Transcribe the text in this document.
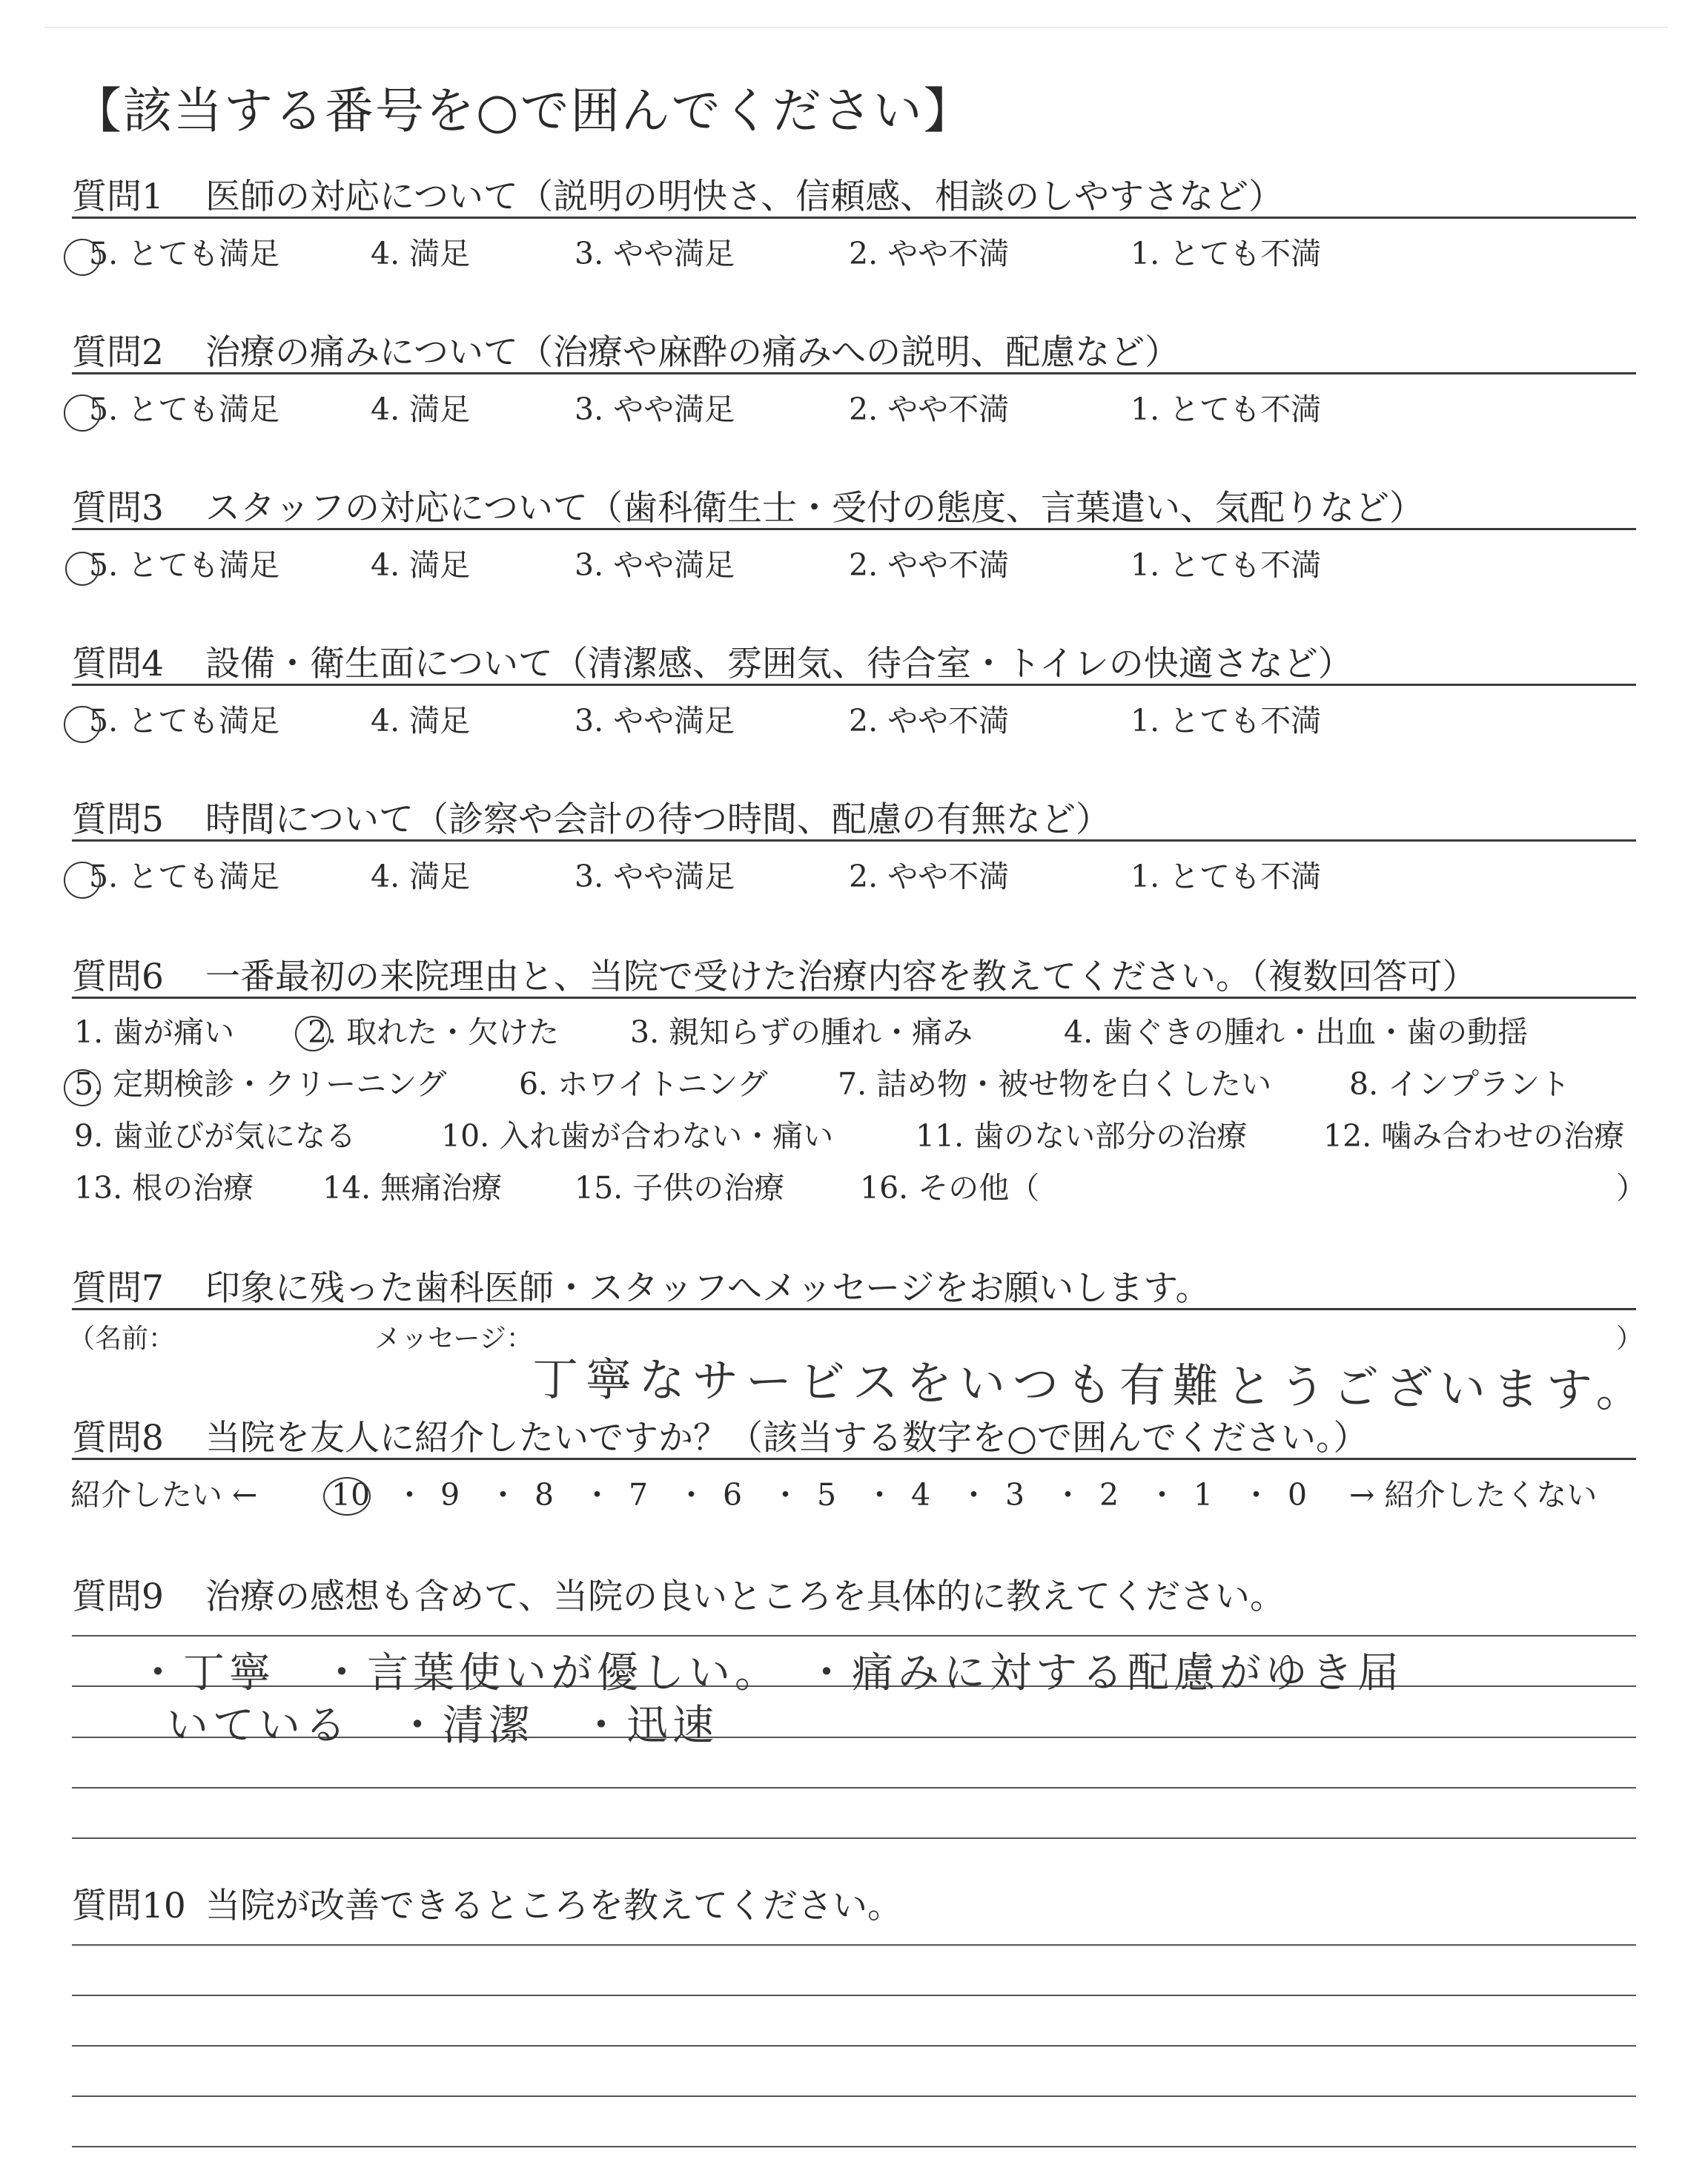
【該当する番号を○で囲んでください】
質問1 医師の対応について（説明の明快さ、信頼感、相談のしやすさなど）
5. とても満足	4. 満足	3. やや満足	2. やや不満	1. とても不満
質問2 治療の痛みについて（治療や麻酔の痛みへの説明、配慮など）
5. とても満足	4. 満足	3. やや満足	2. やや不満	1. とても不満
質問3 スタッフの対応について（歯科衛生士・受付の態度、言葉遣い、気配りなど）
5. とても満足	4. 満足	3. やや満足	2. やや不満	1. とても不満
質問4 設備・衛生面について（清潔感、雰囲気、待合室・トイレの快適さなど）
5. とても満足	4. 満足	3. やや満足	2. やや不満	1. とても不満
質問5 時間について（診察や会計の待つ時間、配慮の有無など）
5. とても満足	4. 満足	3. やや満足	2. やや不満	1. とても不満
質問6 一番最初の来院理由と、当院で受けた治療内容を教えてください。（複数回答可）
1. 歯が痛い 2. 取れた・欠けた 3. 親知らずの腫れ・痛み	4. 歯ぐきの腫れ・出血・歯の動揺
5. 定期検診・クリーニング 6. ホワイトニング 7. 詰め物・被せ物を白くしたい	8. インプラント
9. 歯並びが気になる	10. 入れ歯が合わない・痛い	11. 歯のない部分の治療	12. 噛み合わせの治療
13. 根の治療 14. 無痛治療 15. 子供の治療 16. その他（	）
質問7 印象に残った歯科医師・スタッフへメッセージをお願いします。
（名前：	メッセージ：	）
丁寧なサービスをいつも有難とうございます。
質問8 当院を友人に紹介したいですか？（該当する数字を○で囲んでください。）
紹介したい ← 10 ・ 9 ・ 8 ・ 7 ・ 6 ・ 5 ・ 4 ・ 3 ・ 2 ・ 1 ・ 0 → 紹介したくない
質問9 治療の感想も含めて、当院の良いところを具体的に教えてください。
・丁寧　・言葉使いが優しい。　・痛みに対する配慮がゆき届
いている　・清潔　・迅速
質問10 当院が改善できるところを教えてください。
